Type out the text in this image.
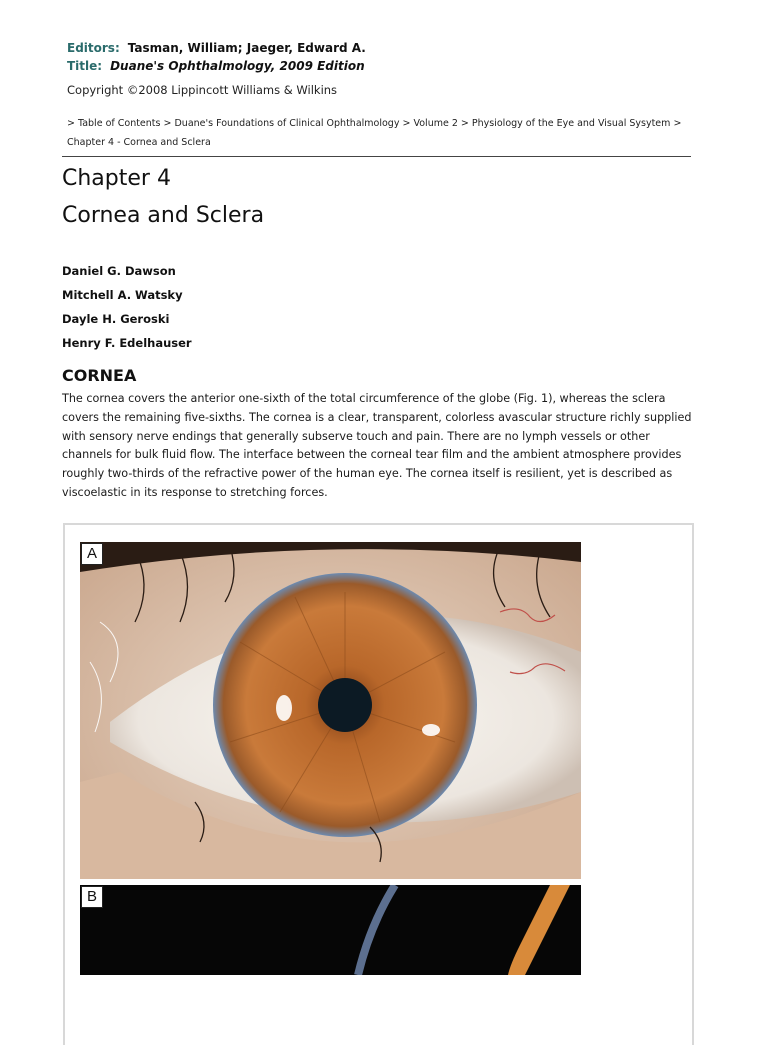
Editors: Tasman, William; Jaeger, Edward A.
Title: Duane's Ophthalmology, 2009 Edition
Copyright ©2008 Lippincott Williams & Wilkins
> Table of Contents > Duane's Foundations of Clinical Ophthalmology > Volume 2 > Physiology of the Eye and Visual Sysytem >
Chapter 4 - Cornea and Sclera
Chapter 4
Cornea and Sclera
Daniel G. Dawson
Mitchell A. Watsky
Dayle H. Geroski
Henry F. Edelhauser
CORNEA
The cornea covers the anterior one-sixth of the total circumference of the globe (Fig. 1), whereas the sclera covers the remaining five-sixths. The cornea is a clear, transparent, colorless avascular structure richly supplied with sensory nerve endings that generally subserve touch and pain. There are no lymph vessels or other channels for bulk fluid flow. The interface between the corneal tear film and the ambient atmosphere provides roughly two-thirds of the refractive power of the human eye. The cornea itself is resilient, yet is described as viscoelastic in its response to stretching forces.
A
B
